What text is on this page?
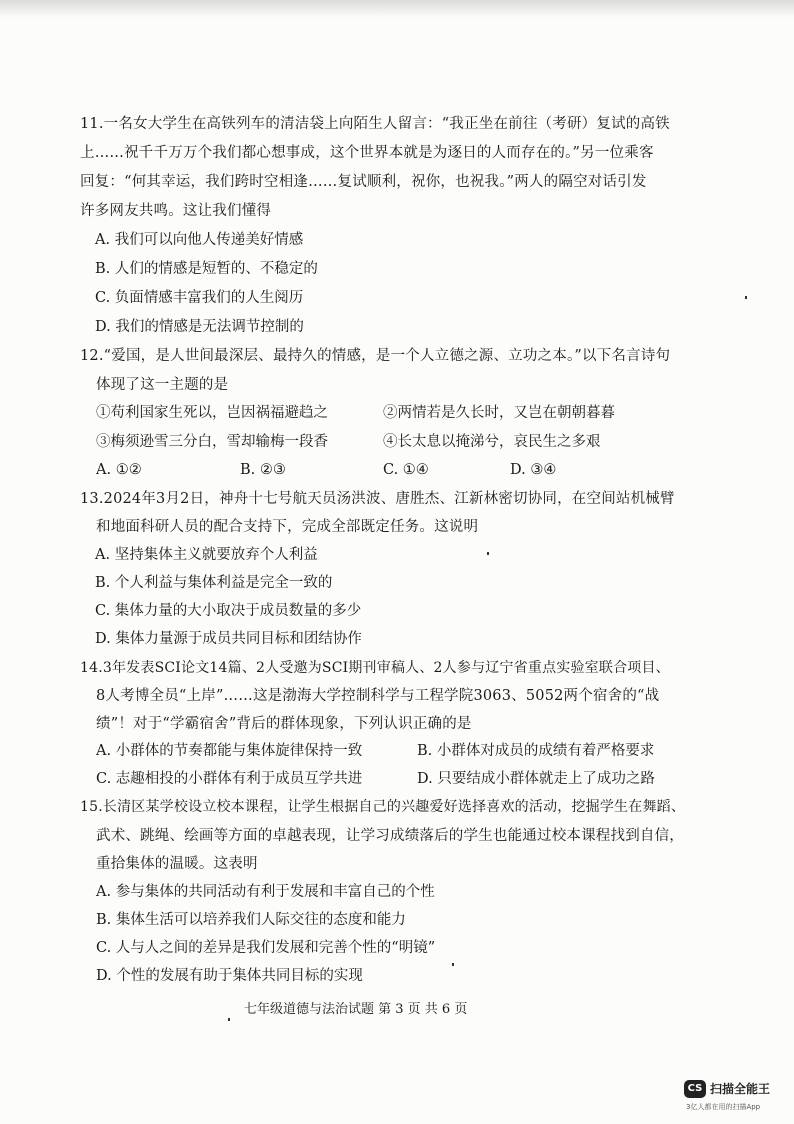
11.一名女大学生在高铁列车的清洁袋上向陌生人留言：“我正坐在前往（考研）复试的高铁
上……祝千千万万个我们都心想事成，这个世界本就是为逐日的人而存在的。”另一位乘客
回复：“何其幸运，我们跨时空相逢……复试顺利，祝你，也祝我。”两人的隔空对话引发
许多网友共鸣。这让我们懂得
A. 我们可以向他人传递美好情感
B. 人们的情感是短暂的、不稳定的
C. 负面情感丰富我们的人生阅历
D. 我们的情感是无法调节控制的
12.“爱国，是人世间最深层、最持久的情感，是一个人立德之源、立功之本。”以下名言诗句
体现了这一主题的是
①苟利国家生死以，岂因祸福避趋之	②两情若是久长时，又岂在朝朝暮暮
③梅须逊雪三分白，雪却输梅一段香	④长太息以掩涕兮，哀民生之多艰
A. ①②	B. ②③	C. ①④	D. ③④
13.2024年3月2日，神舟十七号航天员汤洪波、唐胜杰、江新林密切协同，在空间站机械臂
和地面科研人员的配合支持下，完成全部既定任务。这说明
A. 坚持集体主义就要放弃个人利益
B. 个人利益与集体利益是完全一致的
C. 集体力量的大小取决于成员数量的多少
D. 集体力量源于成员共同目标和团结协作
14.3年发表SCI论文14篇、2人受邀为SCI期刊审稿人、2人参与辽宁省重点实验室联合项目、
8人考博全员“上岸”……这是渤海大学控制科学与工程学院3063、5052两个宿舍的“战
绩”！对于“学霸宿舍”背后的群体现象，下列认识正确的是
A. 小群体的节奏都能与集体旋律保持一致	B. 小群体对成员的成绩有着严格要求
C. 志趣相投的小群体有利于成员互学共进	D. 只要结成小群体就走上了成功之路
15.长清区某学校设立校本课程，让学生根据自己的兴趣爱好选择喜欢的活动，挖掘学生在舞蹈、
武术、跳绳、绘画等方面的卓越表现，让学习成绩落后的学生也能通过校本课程找到自信，
重拾集体的温暖。这表明
A. 参与集体的共同活动有利于发展和丰富自己的个性
B. 集体生活可以培养我们人际交往的态度和能力
C. 人与人之间的差异是我们发展和完善个性的“明镜”
D. 个性的发展有助于集体共同目标的实现
七年级道德与法治试题 第 3 页 共 6 页
CS 扫描全能王
3亿人都在用的扫描App
